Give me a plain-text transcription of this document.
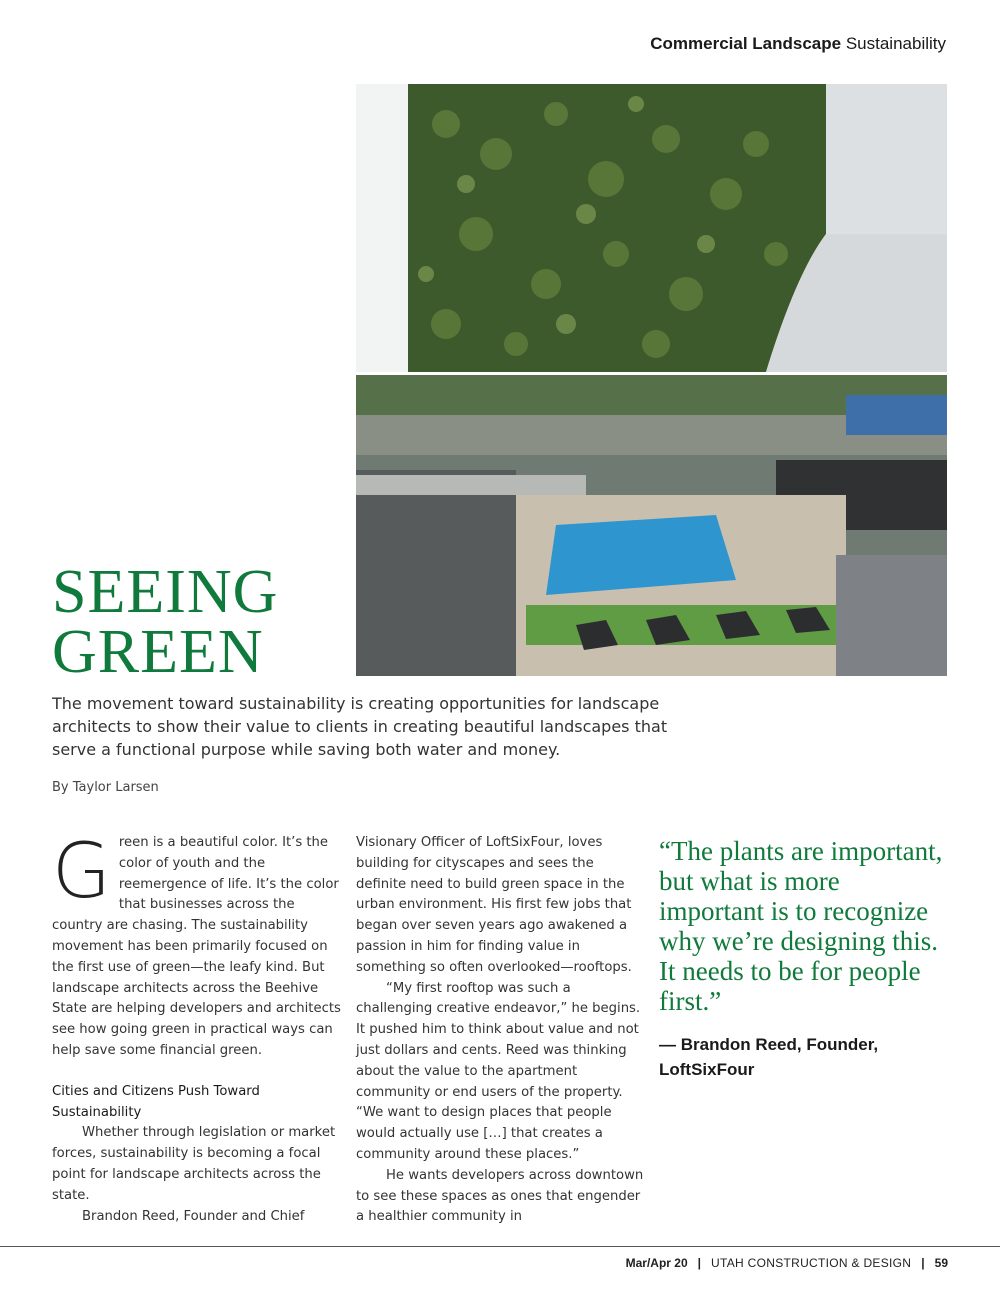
Commercial Landscape Sustainability
SEEING
GREEN

The movement toward sustainability is creating opportunities for landscape architects to show their value to clients in creating beautiful landscapes that serve a functional purpose while saving both water and money.

By Taylor Larsen

Green is a beautiful color. It’s the color of youth and the reemergence of life. It’s the color that businesses across the country are chasing. The sustainability movement has been primarily focused on the first use of green—the leafy kind. But landscape architects across the Beehive State are helping developers and architects see how going green in practical ways can help save some financial green.

Cities and Citizens Push Toward Sustainability

Whether through legislation or market forces, sustainability is becoming a focal point for landscape architects across the state.

Brandon Reed, Founder and Chief

Visionary Officer of LoftSixFour, loves building for cityscapes and sees the definite need to build green space in the urban environment. His first few jobs that began over seven years ago awakened a passion in him for finding value in something so often overlooked—rooftops.

“My first rooftop was such a challenging creative endeavor,” he begins. It pushed him to think about value and not just dollars and cents. Reed was thinking about the value to the apartment community or end users of the property. “We want to design places that people would actually use […] that creates a community around these places.”

He wants developers across downtown to see these spaces as ones that engender a healthier community in

“The plants are important, but what is more important is to recognize why we’re designing this. It needs to be for people first.”

— Brandon Reed, Founder, LoftSixFour

Mar/Apr 20 | UTAH CONSTRUCTION & DESIGN | 59
